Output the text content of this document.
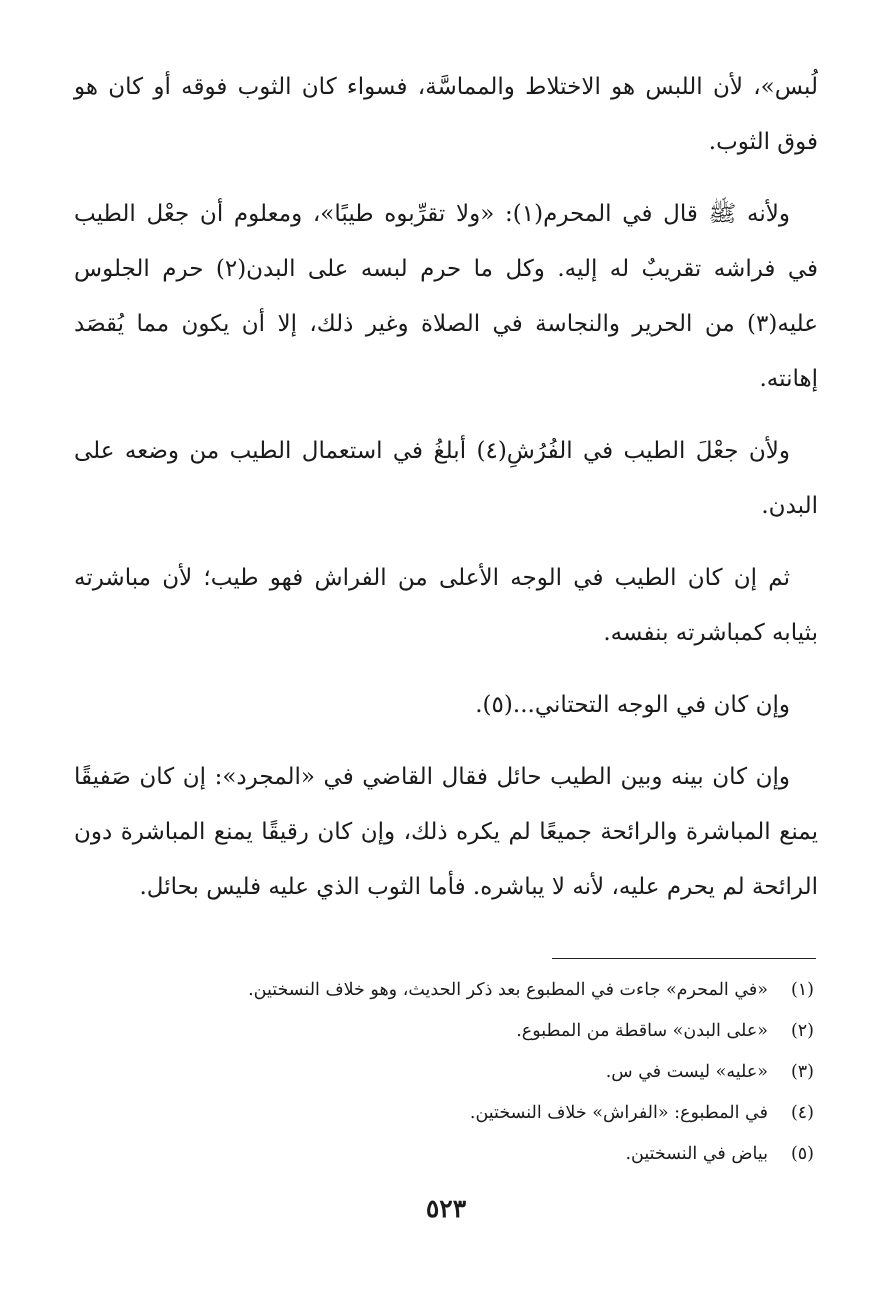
لُبس»، لأن اللبس هو الاختلاط والمماسَّة، فسواء كان الثوب فوقه أو كان هو فوق الثوب.

ولأنه ﷺ قال في المحرم(١): «ولا تقرِّبوه طيبًا»، ومعلوم أن جعْل الطيب في فراشه تقريبٌ له إليه. وكل ما حرم لبسه على البدن(٢) حرم الجلوس عليه(٣) من الحرير والنجاسة في الصلاة وغير ذلك، إلا أن يكون مما يُقصَد إهانته.

ولأن جعْلَ الطيب في الفُرُشِ(٤) أبلغُ في استعمال الطيب من وضعه على البدن.

ثم إن كان الطيب في الوجه الأعلى من الفراش فهو طيب؛ لأن مباشرته بثيابه كمباشرته بنفسه.

وإن كان في الوجه التحتاني...(٥).

وإن كان بينه وبين الطيب حائل فقال القاضي في «المجرد»: إن كان صَفيقًا يمنع المباشرة والرائحة جميعًا لم يكره ذلك، وإن كان رقيقًا يمنع المباشرة دون الرائحة لم يحرم عليه، لأنه لا يباشره. فأما الثوب الذي عليه فليس بحائل.

(١)
«في المحرم» جاءت في المطبوع بعد ذكر الحديث، وهو خلاف النسختين.
(٢)
«على البدن» ساقطة من المطبوع.
(٣)
«عليه» ليست في س.
(٤)
في المطبوع: «الفراش» خلاف النسختين.
(٥)
بياض في النسختين.
٥٢٣
